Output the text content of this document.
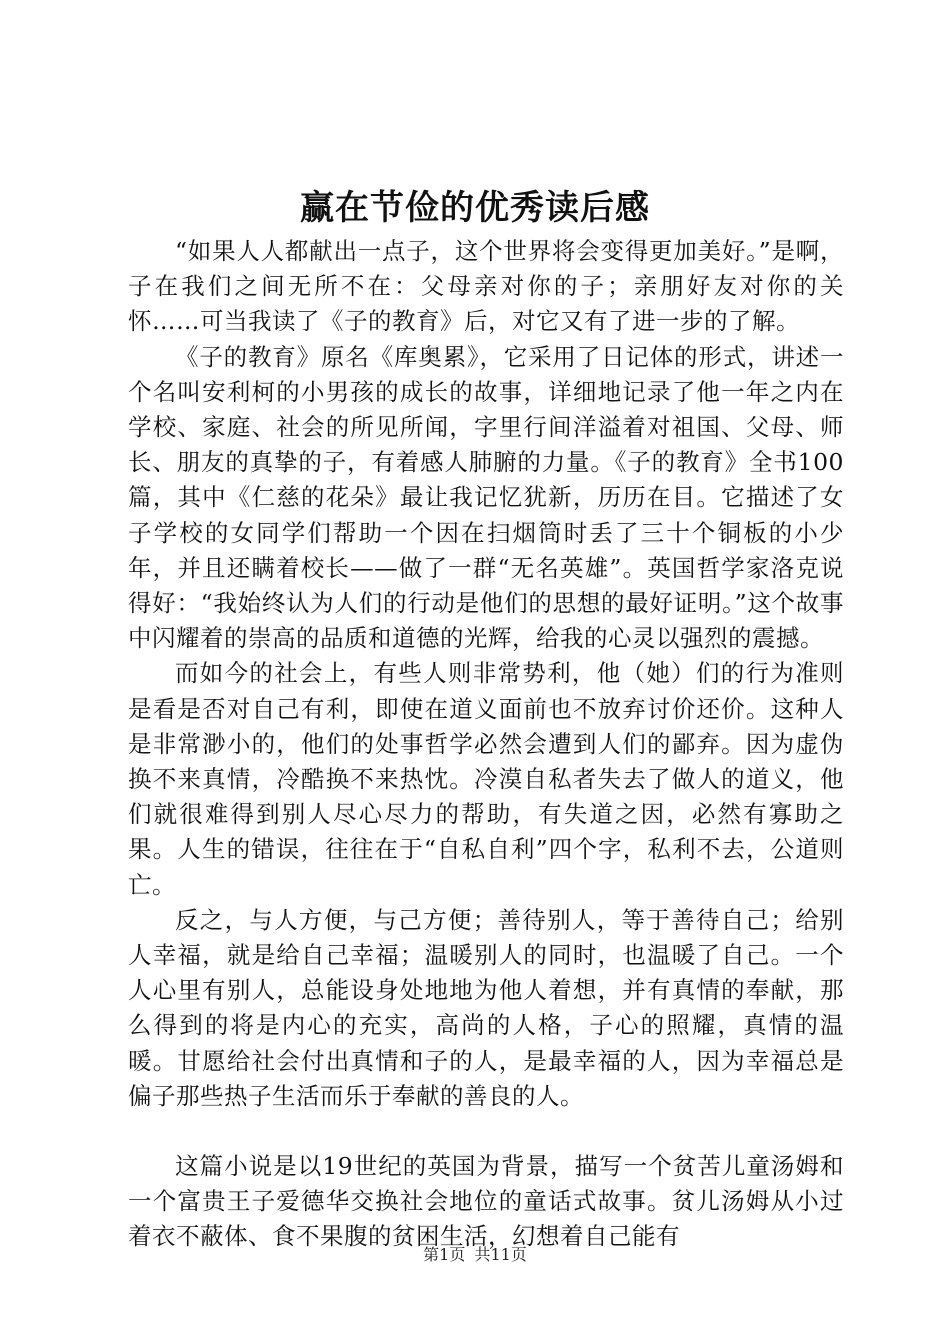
赢在节俭的优秀读后感

“如果人人都献出一点子，这个世界将会变得更加美好。”是啊，子在我们之间无所不在：父母亲对你的子；亲朋好友对你的关怀……可当我读了《子的教育》后，对它又有了进一步的了解。

《子的教育》原名《库奥累》，它采用了日记体的形式，讲述一个名叫安利柯的小男孩的成长的故事，详细地记录了他一年之内在学校、家庭、社会的所见所闻，字里行间洋溢着对祖国、父母、师长、朋友的真挚的子，有着感人肺腑的力量。《子的教育》全书100篇，其中《仁慈的花朵》最让我记忆犹新，历历在目。它描述了女子学校的女同学们帮助一个因在扫烟筒时丢了三十个铜板的小少年，并且还瞒着校长——做了一群“无名英雄”。英国哲学家洛克说得好：“我始终认为人们的行动是他们的思想的最好证明。”这个故事中闪耀着的崇高的品质和道德的光辉，给我的心灵以强烈的震撼。

而如今的社会上，有些人则非常势利，他（她）们的行为准则是看是否对自己有利，即使在道义面前也不放弃讨价还价。这种人是非常渺小的，他们的处事哲学必然会遭到人们的鄙弃。因为虚伪换不来真情，冷酷换不来热忱。冷漠自私者失去了做人的道义，他们就很难得到别人尽心尽力的帮助，有失道之因，必然有寡助之果。人生的错误，往往在于“自私自利”四个字，私利不去，公道则亡。

反之，与人方便，与己方便；善待别人，等于善待自己；给别人幸福，就是给自己幸福；温暖别人的同时，也温暖了自己。一个人心里有别人，总能设身处地地为他人着想，并有真情的奉献，那么得到的将是内心的充实，高尚的人格，子心的照耀，真情的温暖。甘愿给社会付出真情和子的人，是最幸福的人，因为幸福总是偏子那些热子生活而乐于奉献的善良的人。

这篇小说是以19世纪的英国为背景，描写一个贫苦儿童汤姆和一个富贵王子爱德华交换社会地位的童话式故事。贫儿汤姆从小过着衣不蔽体、食不果腹的贫困生活，幻想着自己能有

第1页 共11页
